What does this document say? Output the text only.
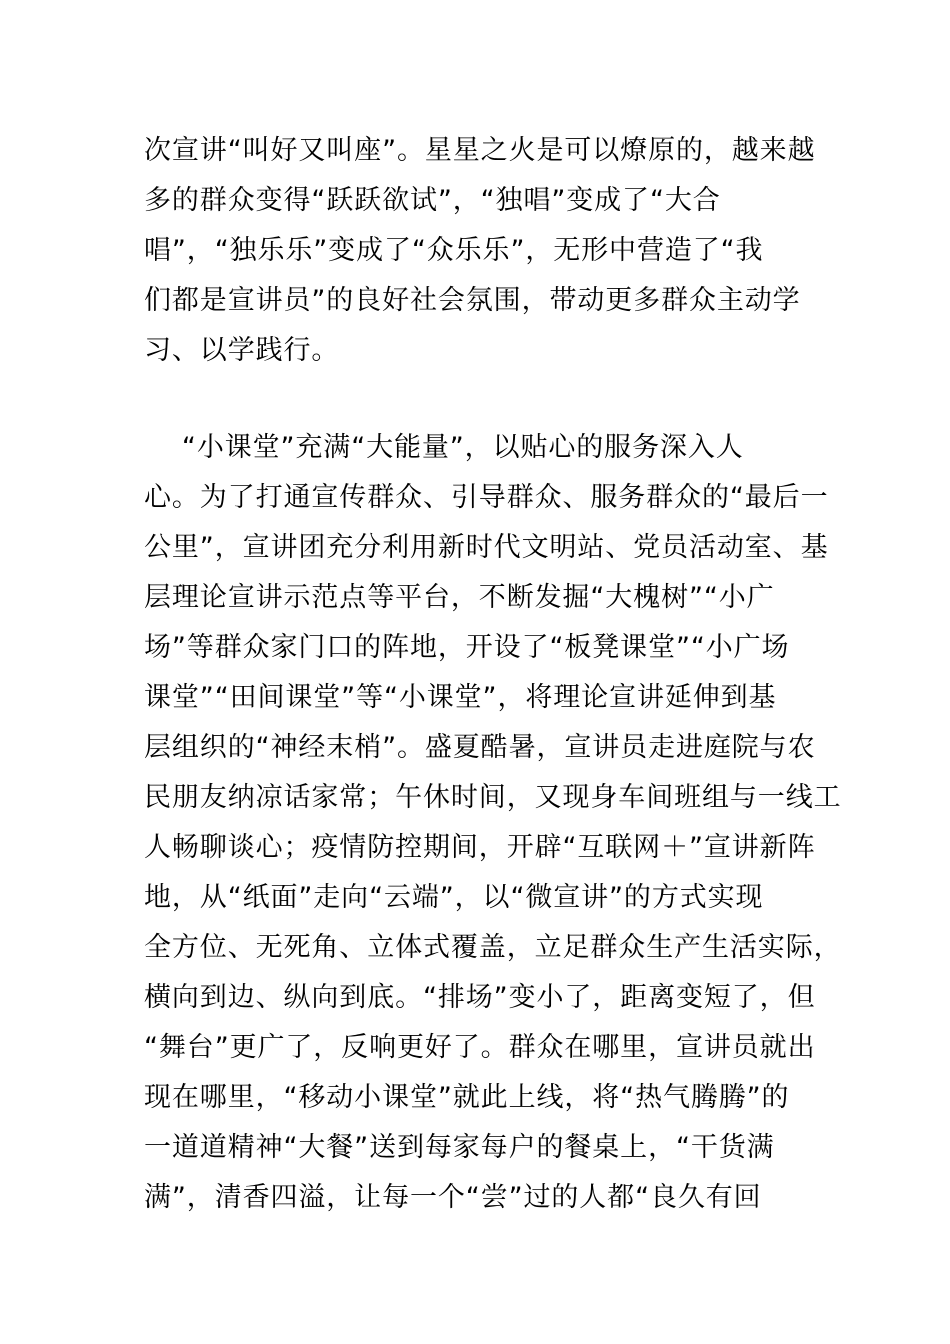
次宣讲“叫好又叫座”。星星之火是可以燎原的，越来越
多的群众变得“跃跃欲试”，“独唱”变成了“大合
唱”，“独乐乐”变成了“众乐乐”，无形中营造了“我
们都是宣讲员”的良好社会氛围，带动更多群众主动学
习、以学践行。
“小课堂”充满“大能量”，以贴心的服务深入人
心。为了打通宣传群众、引导群众、服务群众的“最后一
公里”，宣讲团充分利用新时代文明站、党员活动室、基
层理论宣讲示范点等平台，不断发掘“大槐树”“小广
场”等群众家门口的阵地，开设了“板凳课堂”“小广场
课堂”“田间课堂”等“小课堂”，将理论宣讲延伸到基
层组织的“神经末梢”。盛夏酷暑，宣讲员走进庭院与农
民朋友纳凉话家常；午休时间，又现身车间班组与一线工
人畅聊谈心；疫情防控期间，开辟“互联网＋”宣讲新阵
地，从“纸面”走向“云端”，以“微宣讲”的方式实现
全方位、无死角、立体式覆盖，立足群众生产生活实际，
横向到边、纵向到底。“排场”变小了，距离变短了，但
“舞台”更广了，反响更好了。群众在哪里，宣讲员就出
现在哪里，“移动小课堂”就此上线，将“热气腾腾”的
一道道精神“大餐”送到每家每户的餐桌上，“干货满
满”，清香四溢，让每一个“尝”过的人都“良久有回
